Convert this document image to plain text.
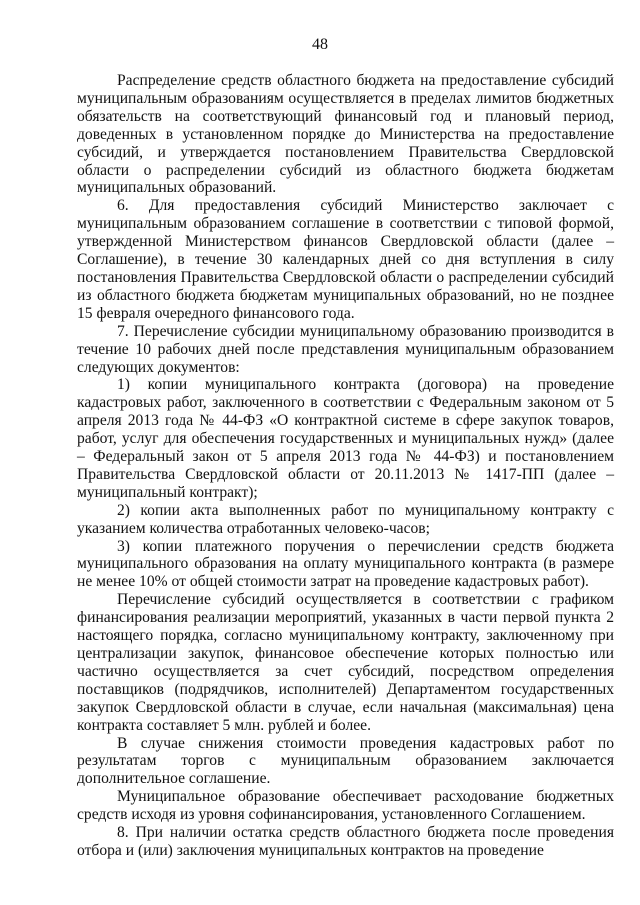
48

Распределение средств областного бюджета на предоставление субсидий муниципальным образованиям осуществляется в пределах лимитов бюджетных обязательств на соответствующий финансовый год и плановый период, доведенных в установленном порядке до Министерства на предоставление субсидий, и утверждается постановлением Правительства Свердловской области о распределении субсидий из областного бюджета бюджетам муниципальных образований.

6. Для предоставления субсидий Министерство заключает с муниципальным образованием соглашение в соответствии с типовой формой, утвержденной Министерством финансов Свердловской области (далее – Соглашение), в течение 30 календарных дней со дня вступления в силу постановления Правительства Свердловской области о распределении субсидий из областного бюджета бюджетам муниципальных образований, но не позднее 15 февраля очередного финансового года.

7. Перечисление субсидии муниципальному образованию производится в течение 10 рабочих дней после представления муниципальным образованием следующих документов:

1) копии муниципального контракта (договора) на проведение кадастровых работ, заключенного в соответствии с Федеральным законом от 5 апреля 2013 года № 44-ФЗ «О контрактной системе в сфере закупок товаров, работ, услуг для обеспечения государственных и муниципальных нужд» (далее – Федеральный закон от 5 апреля 2013 года № 44-ФЗ) и постановлением Правительства Свердловской области от 20.11.2013 № 1417-ПП (далее – муниципальный контракт);

2) копии акта выполненных работ по муниципальному контракту с указанием количества отработанных человеко-часов;

3) копии платежного поручения о перечислении средств бюджета муниципального образования на оплату муниципального контракта (в размере не менее 10% от общей стоимости затрат на проведение кадастровых работ).

Перечисление субсидий осуществляется в соответствии с графиком финансирования реализации мероприятий, указанных в части первой пункта 2 настоящего порядка, согласно муниципальному контракту, заключенному при централизации закупок, финансовое обеспечение которых полностью или частично осуществляется за счет субсидий, посредством определения поставщиков (подрядчиков, исполнителей) Департаментом государственных закупок Свердловской области в случае, если начальная (максимальная) цена контракта составляет 5 млн. рублей и более.

В случае снижения стоимости проведения кадастровых работ по результатам торгов с муниципальным образованием заключается дополнительное соглашение.

Муниципальное образование обеспечивает расходование бюджетных средств исходя из уровня софинансирования, установленного Соглашением.

8. При наличии остатка средств областного бюджета после проведения отбора и (или) заключения муниципальных контрактов на проведение
